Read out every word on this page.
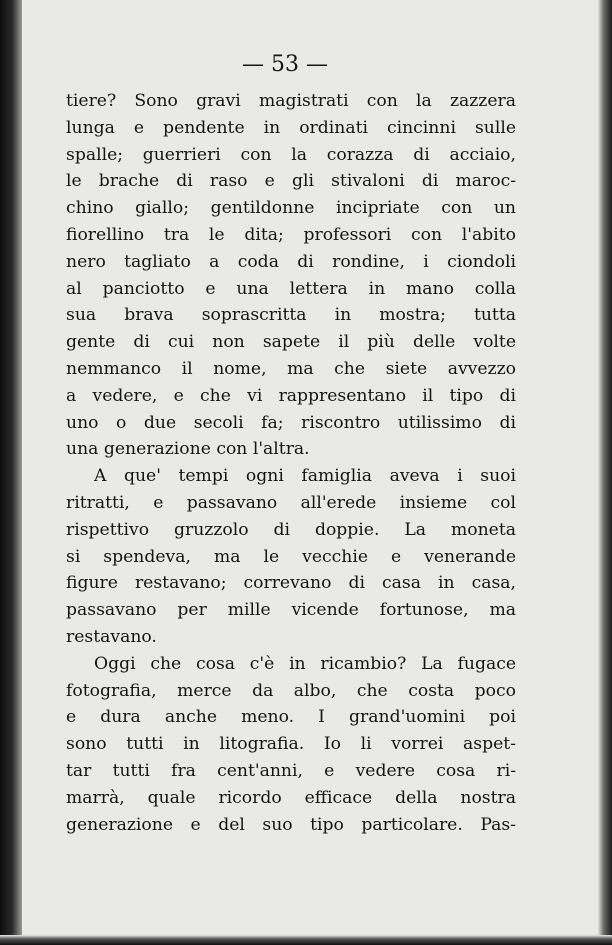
— 53 —
tiere? Sono gravi magistrati con la zazzera
lunga e pendente in ordinati cincinni sulle
spalle; guerrieri con la corazza di acciaio,
le brache di raso e gli stivaloni di maroc-
chino giallo; gentildonne incipriate con un
fiorellino tra le dita; professori con l'abito
nero tagliato a coda di rondine, i ciondoli
al panciotto e una lettera in mano colla
sua brava soprascritta in mostra; tutta
gente di cui non sapete il più delle volte
nemmanco il nome, ma che siete avvezzo
a vedere, e che vi rappresentano il tipo di
uno o due secoli fa; riscontro utilissimo di
una generazione con l'altra.
A que' tempi ogni famiglia aveva i suoi
ritratti, e passavano all'erede insieme col
rispettivo gruzzolo di doppie. La moneta
si spendeva, ma le vecchie e venerande
figure restavano; correvano di casa in casa,
passavano per mille vicende fortunose, ma
restavano.
Oggi che cosa c'è in ricambio? La fugace
fotografia, merce da albo, che costa poco
e dura anche meno. I grand'uomini poi
sono tutti in litografia. Io li vorrei aspet-
tar tutti fra cent'anni, e vedere cosa ri-
marrà, quale ricordo efficace della nostra
generazione e del suo tipo particolare. Pas-
